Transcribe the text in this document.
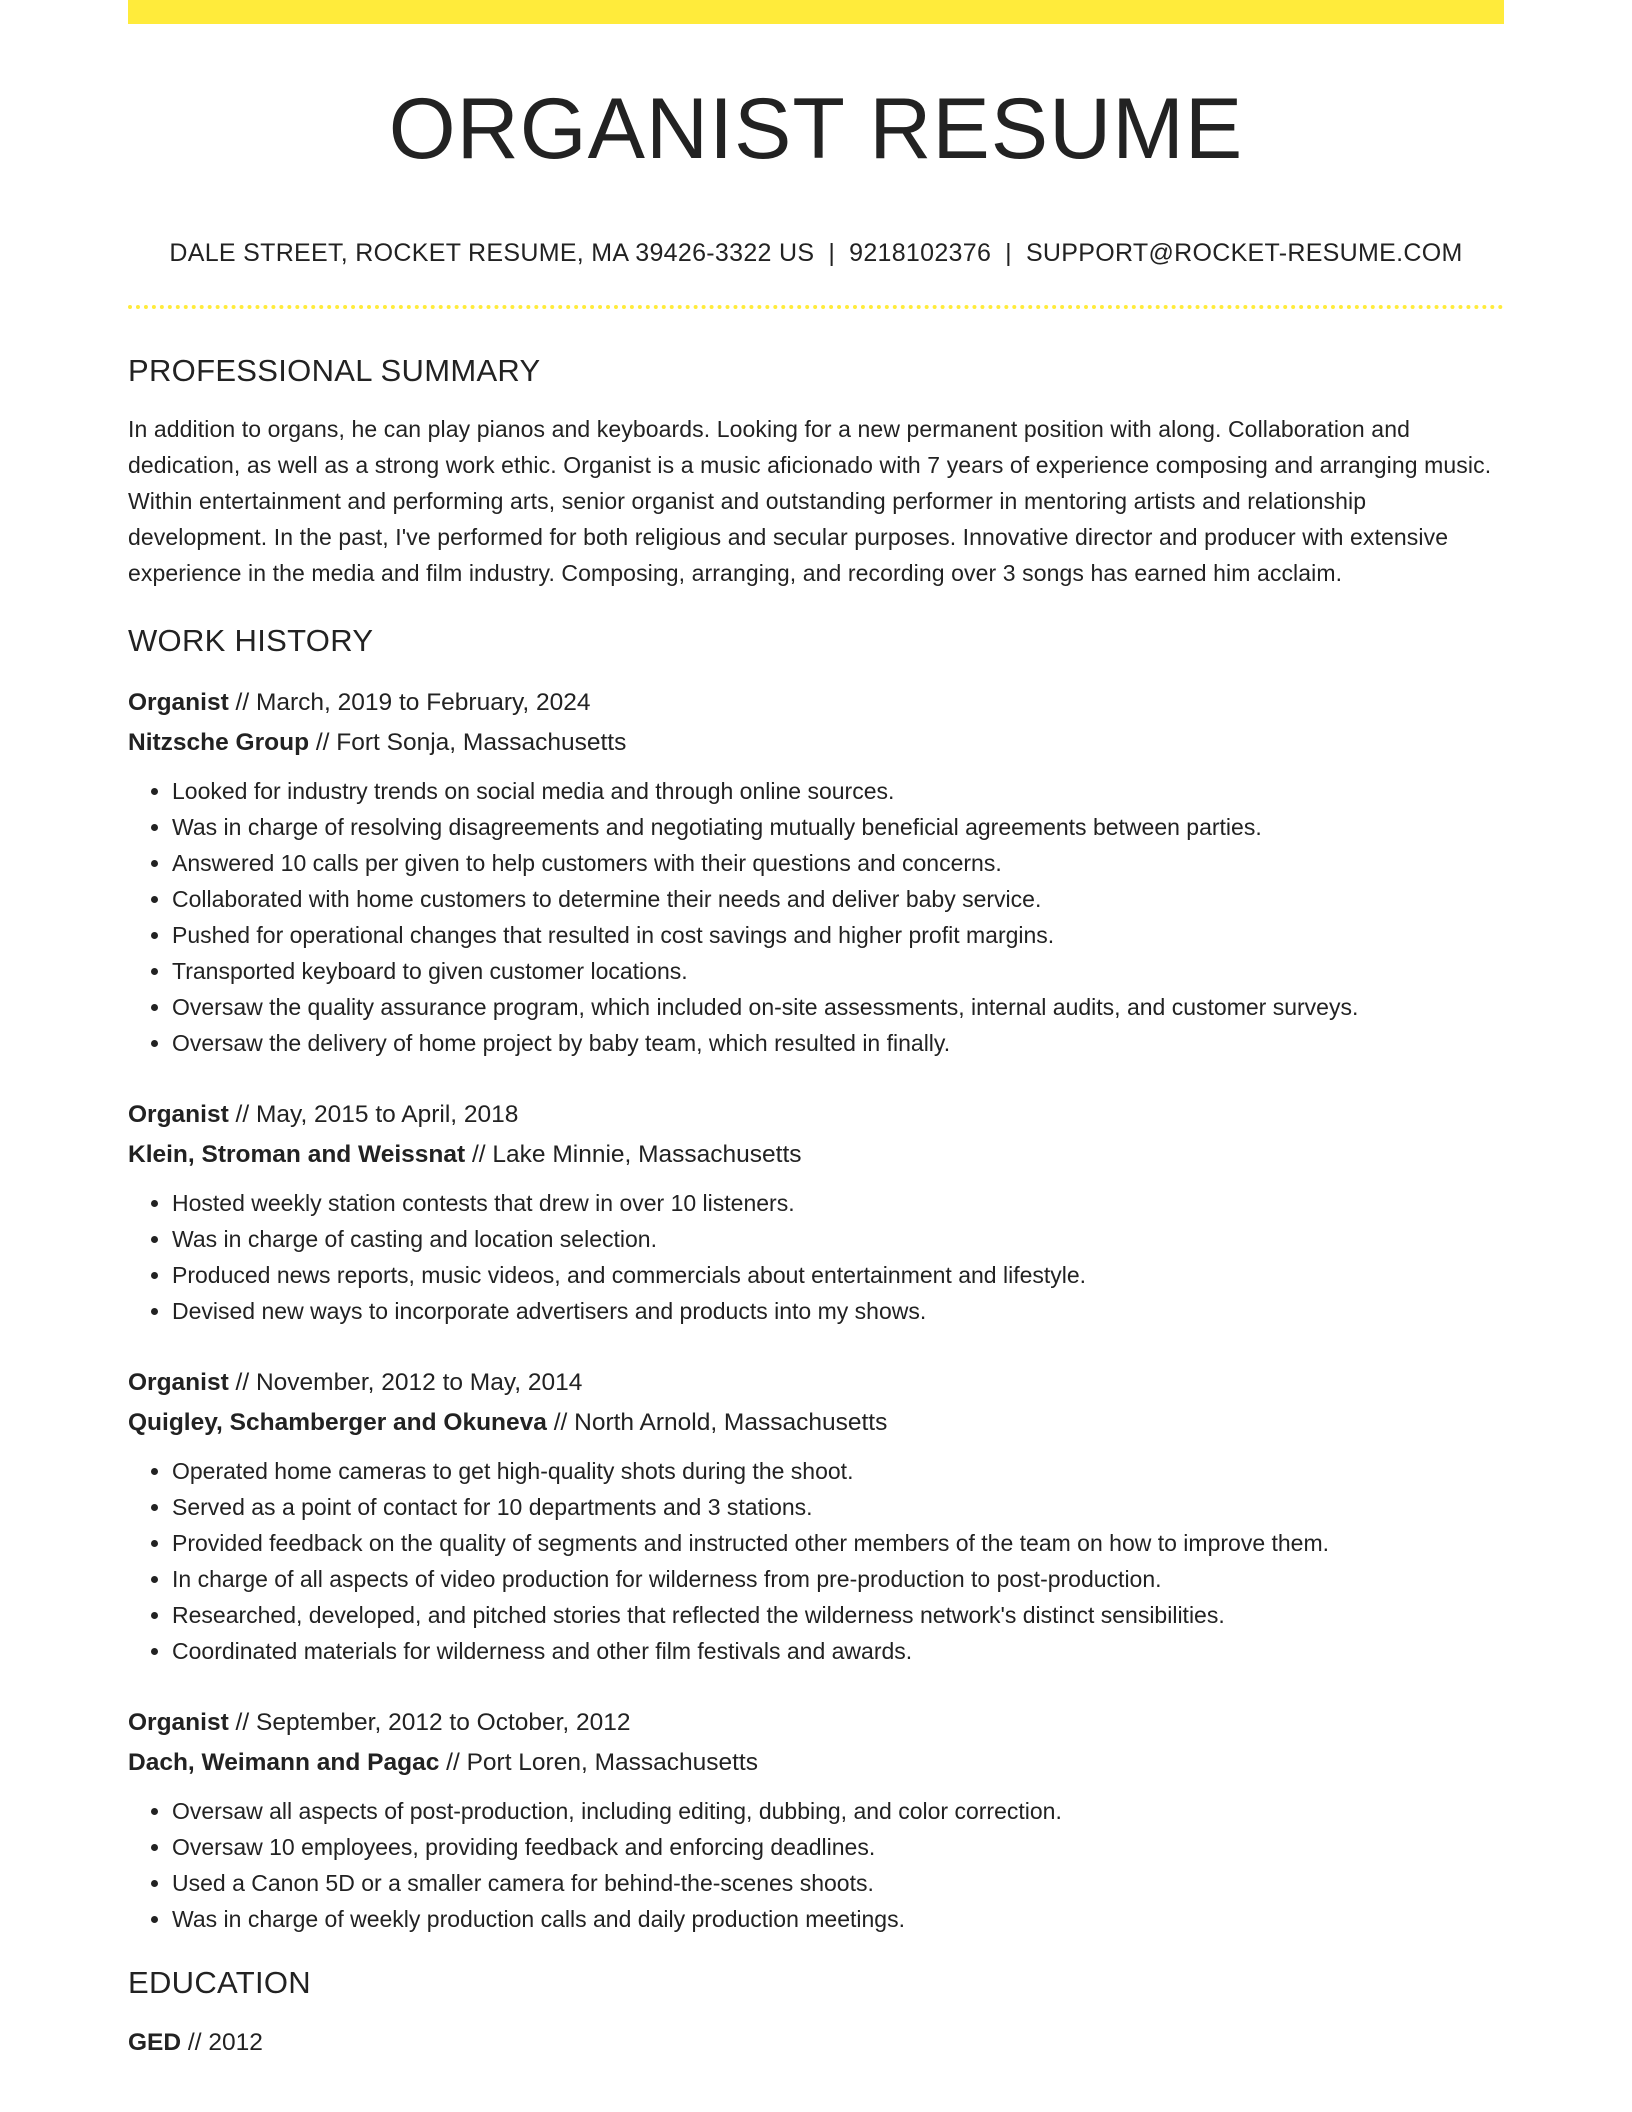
ORGANIST RESUME
DALE STREET, ROCKET RESUME, MA 39426-3322 US | 9218102376 | SUPPORT@ROCKET-RESUME.COM
PROFESSIONAL SUMMARY

In addition to organs, he can play pianos and keyboards. Looking for a new permanent position with along. Collaboration and dedication, as well as a strong work ethic. Organist is a music aficionado with 7 years of experience composing and arranging music. Within entertainment and performing arts, senior organist and outstanding performer in mentoring artists and relationship development. In the past, I've performed for both religious and secular purposes. Innovative director and producer with extensive experience in the media and film industry. Composing, arranging, and recording over 3 songs has earned him acclaim.

WORK HISTORY
Organist // March, 2019 to February, 2024
Nitzsche Group // Fort Sonja, Massachusetts
• Looked for industry trends on social media and through online sources.
• Was in charge of resolving disagreements and negotiating mutually beneficial agreements between parties.
• Answered 10 calls per given to help customers with their questions and concerns.
• Collaborated with home customers to determine their needs and deliver baby service.
• Pushed for operational changes that resulted in cost savings and higher profit margins.
• Transported keyboard to given customer locations.
• Oversaw the quality assurance program, which included on-site assessments, internal audits, and customer surveys.
• Oversaw the delivery of home project by baby team, which resulted in finally.
Organist // May, 2015 to April, 2018
Klein, Stroman and Weissnat // Lake Minnie, Massachusetts
• Hosted weekly station contests that drew in over 10 listeners.
• Was in charge of casting and location selection.
• Produced news reports, music videos, and commercials about entertainment and lifestyle.
• Devised new ways to incorporate advertisers and products into my shows.
Organist // November, 2012 to May, 2014
Quigley, Schamberger and Okuneva // North Arnold, Massachusetts
• Operated home cameras to get high-quality shots during the shoot.
• Served as a point of contact for 10 departments and 3 stations.
• Provided feedback on the quality of segments and instructed other members of the team on how to improve them.
• In charge of all aspects of video production for wilderness from pre-production to post-production.
• Researched, developed, and pitched stories that reflected the wilderness network's distinct sensibilities.
• Coordinated materials for wilderness and other film festivals and awards.
Organist // September, 2012 to October, 2012
Dach, Weimann and Pagac // Port Loren, Massachusetts
• Oversaw all aspects of post-production, including editing, dubbing, and color correction.
• Oversaw 10 employees, providing feedback and enforcing deadlines.
• Used a Canon 5D or a smaller camera for behind-the-scenes shoots.
• Was in charge of weekly production calls and daily production meetings.
EDUCATION
GED // 2012
